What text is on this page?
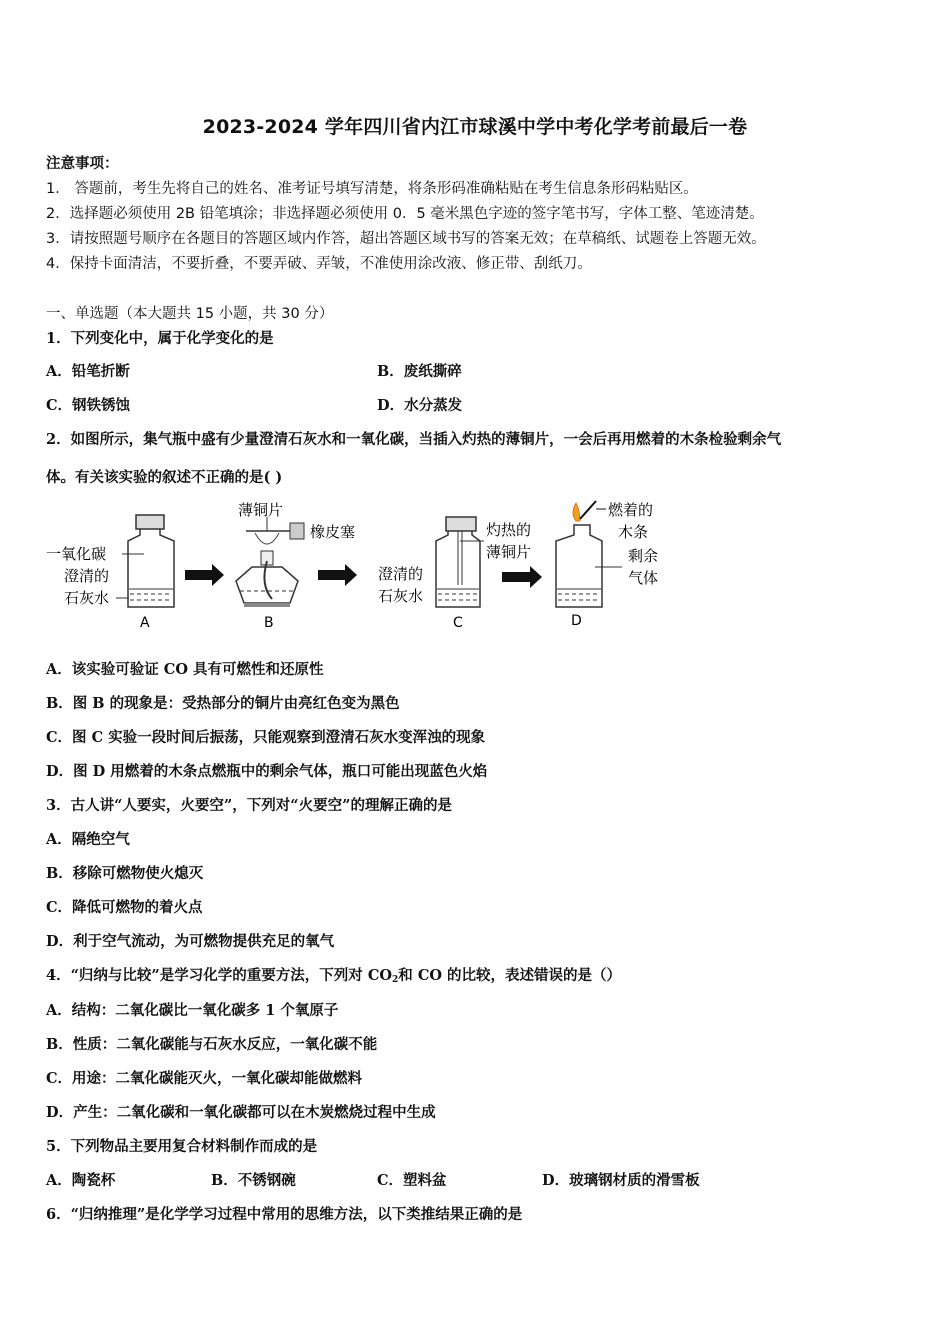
2023-2024 学年四川省内江市球溪中学中考化学考前最后一卷
注意事项：
1． 答题前，考生先将自己的姓名、准考证号填写清楚，将条形码准确粘贴在考生信息条形码粘贴区。
2．选择题必须使用 2B 铅笔填涂；非选择题必须使用 0．5 毫米黑色字迹的签字笔书写，字体工整、笔迹清楚。
3．请按照题号顺序在各题目的答题区域内作答，超出答题区域书写的答案无效；在草稿纸、试题卷上答题无效。
4．保持卡面清洁，不要折叠，不要弄破、弄皱，不准使用涂改液、修正带、刮纸刀。
一、单选题（本大题共 15 小题，共 30 分）
1．下列变化中，属于化学变化的是
A．铅笔折断	B．废纸撕碎
C．钢铁锈蚀	D．水分蒸发
2．如图所示，集气瓶中盛有少量澄清石灰水和一氧化碳，当插入灼热的薄铜片，一会后再用燃着的木条检验剩余气
体。有关该实验的叙述不正确的是( )
一氧化碳
澄清的
石灰水
A
薄铜片
橡皮塞
B
澄清的
石灰水
灼热的
薄铜片
C
燃着的
木条
剩余
气体
D
A．该实验可验证 CO 具有可燃性和还原性
B．图 B 的现象是：受热部分的铜片由亮红色变为黑色
C．图 C 实验一段时间后振荡，只能观察到澄清石灰水变浑浊的现象
D．图 D 用燃着的木条点燃瓶中的剩余气体，瓶口可能出现蓝色火焰
3．古人讲“人要实，火要空”，下列对“火要空”的理解正确的是
A．隔绝空气
B．移除可燃物使火熄灭
C．降低可燃物的着火点
D．利于空气流动，为可燃物提供充足的氧气
4．“归纳与比较”是学习化学的重要方法，下列对 $CO_2$和 CO 的比较，表述错误的是（）
A．结构：二氧化碳比一氧化碳多 1 个氧原子
B．性质：二氧化碳能与石灰水反应，一氧化碳不能
C．用途：二氧化碳能灭火，一氧化碳却能做燃料
D．产生：二氧化碳和一氧化碳都可以在木炭燃烧过程中生成
5．下列物品主要用复合材料制作而成的是
A．陶瓷杯	B．不锈钢碗	C．塑料盆	D．玻璃钢材质的滑雪板
6．“归纳推理”是化学学习过程中常用的思维方法，以下类推结果正确的是
